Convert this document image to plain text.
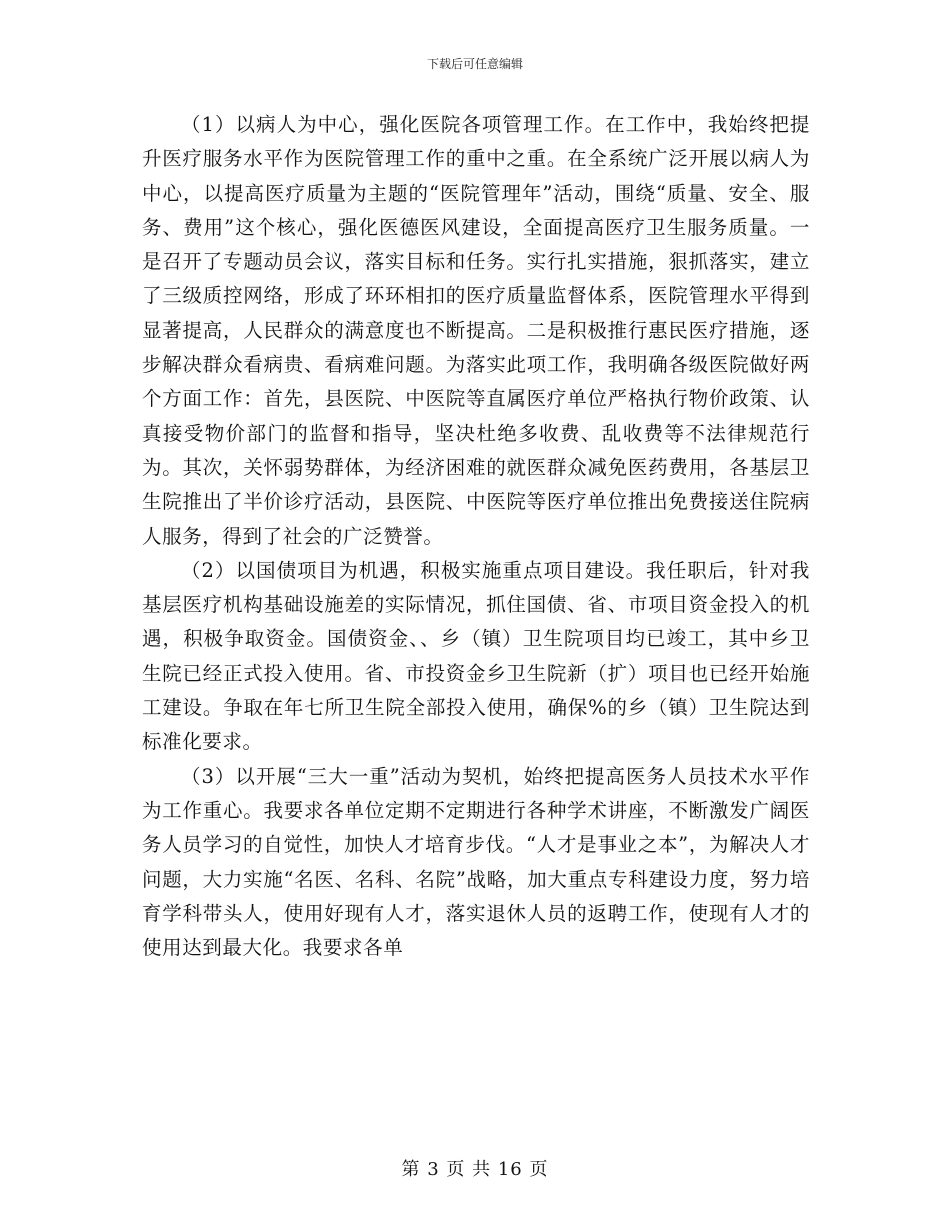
下载后可任意编辑

（1）以病人为中心，强化医院各项管理工作。在工作中，我始终把提升医疗服务水平作为医院管理工作的重中之重。在全系统广泛开展以病人为中心，以提高医疗质量为主题的“医院管理年”活动，围绕“质量、安全、服务、费用”这个核心，强化医德医风建设，全面提高医疗卫生服务质量。一是召开了专题动员会议，落实目标和任务。实行扎实措施，狠抓落实，建立了三级质控网络，形成了环环相扣的医疗质量监督体系，医院管理水平得到显著提高，人民群众的满意度也不断提高。二是积极推行惠民医疗措施，逐步解决群众看病贵、看病难问题。为落实此项工作，我明确各级医院做好两个方面工作：首先，县医院、中医院等直属医疗单位严格执行物价政策、认真接受物价部门的监督和指导，坚决杜绝多收费、乱收费等不法律规范行为。其次，关怀弱势群体，为经济困难的就医群众减免医药费用，各基层卫生院推出了半价诊疗活动，县医院、中医院等医疗单位推出免费接送住院病人服务，得到了社会的广泛赞誉。

（2）以国债项目为机遇，积极实施重点项目建设。我任职后，针对我基层医疗机构基础设施差的实际情况，抓住国债、省、市项目资金投入的机遇，积极争取资金。国债资金、、乡（镇）卫生院项目均已竣工，其中乡卫生院已经正式投入使用。省、市投资金乡卫生院新（扩）项目也已经开始施工建设。争取在年七所卫生院全部投入使用，确保%的乡（镇）卫生院达到标准化要求。

（3）以开展“三大一重”活动为契机，始终把提高医务人员技术水平作为工作重心。我要求各单位定期不定期进行各种学术讲座，不断激发广阔医务人员学习的自觉性，加快人才培育步伐。“人才是事业之本”，为解决人才问题，大力实施“名医、名科、名院”战略，加大重点专科建设力度，努力培育学科带头人，使用好现有人才，落实退休人员的返聘工作，使现有人才的使用达到最大化。我要求各单

第 3 页 共 16 页
